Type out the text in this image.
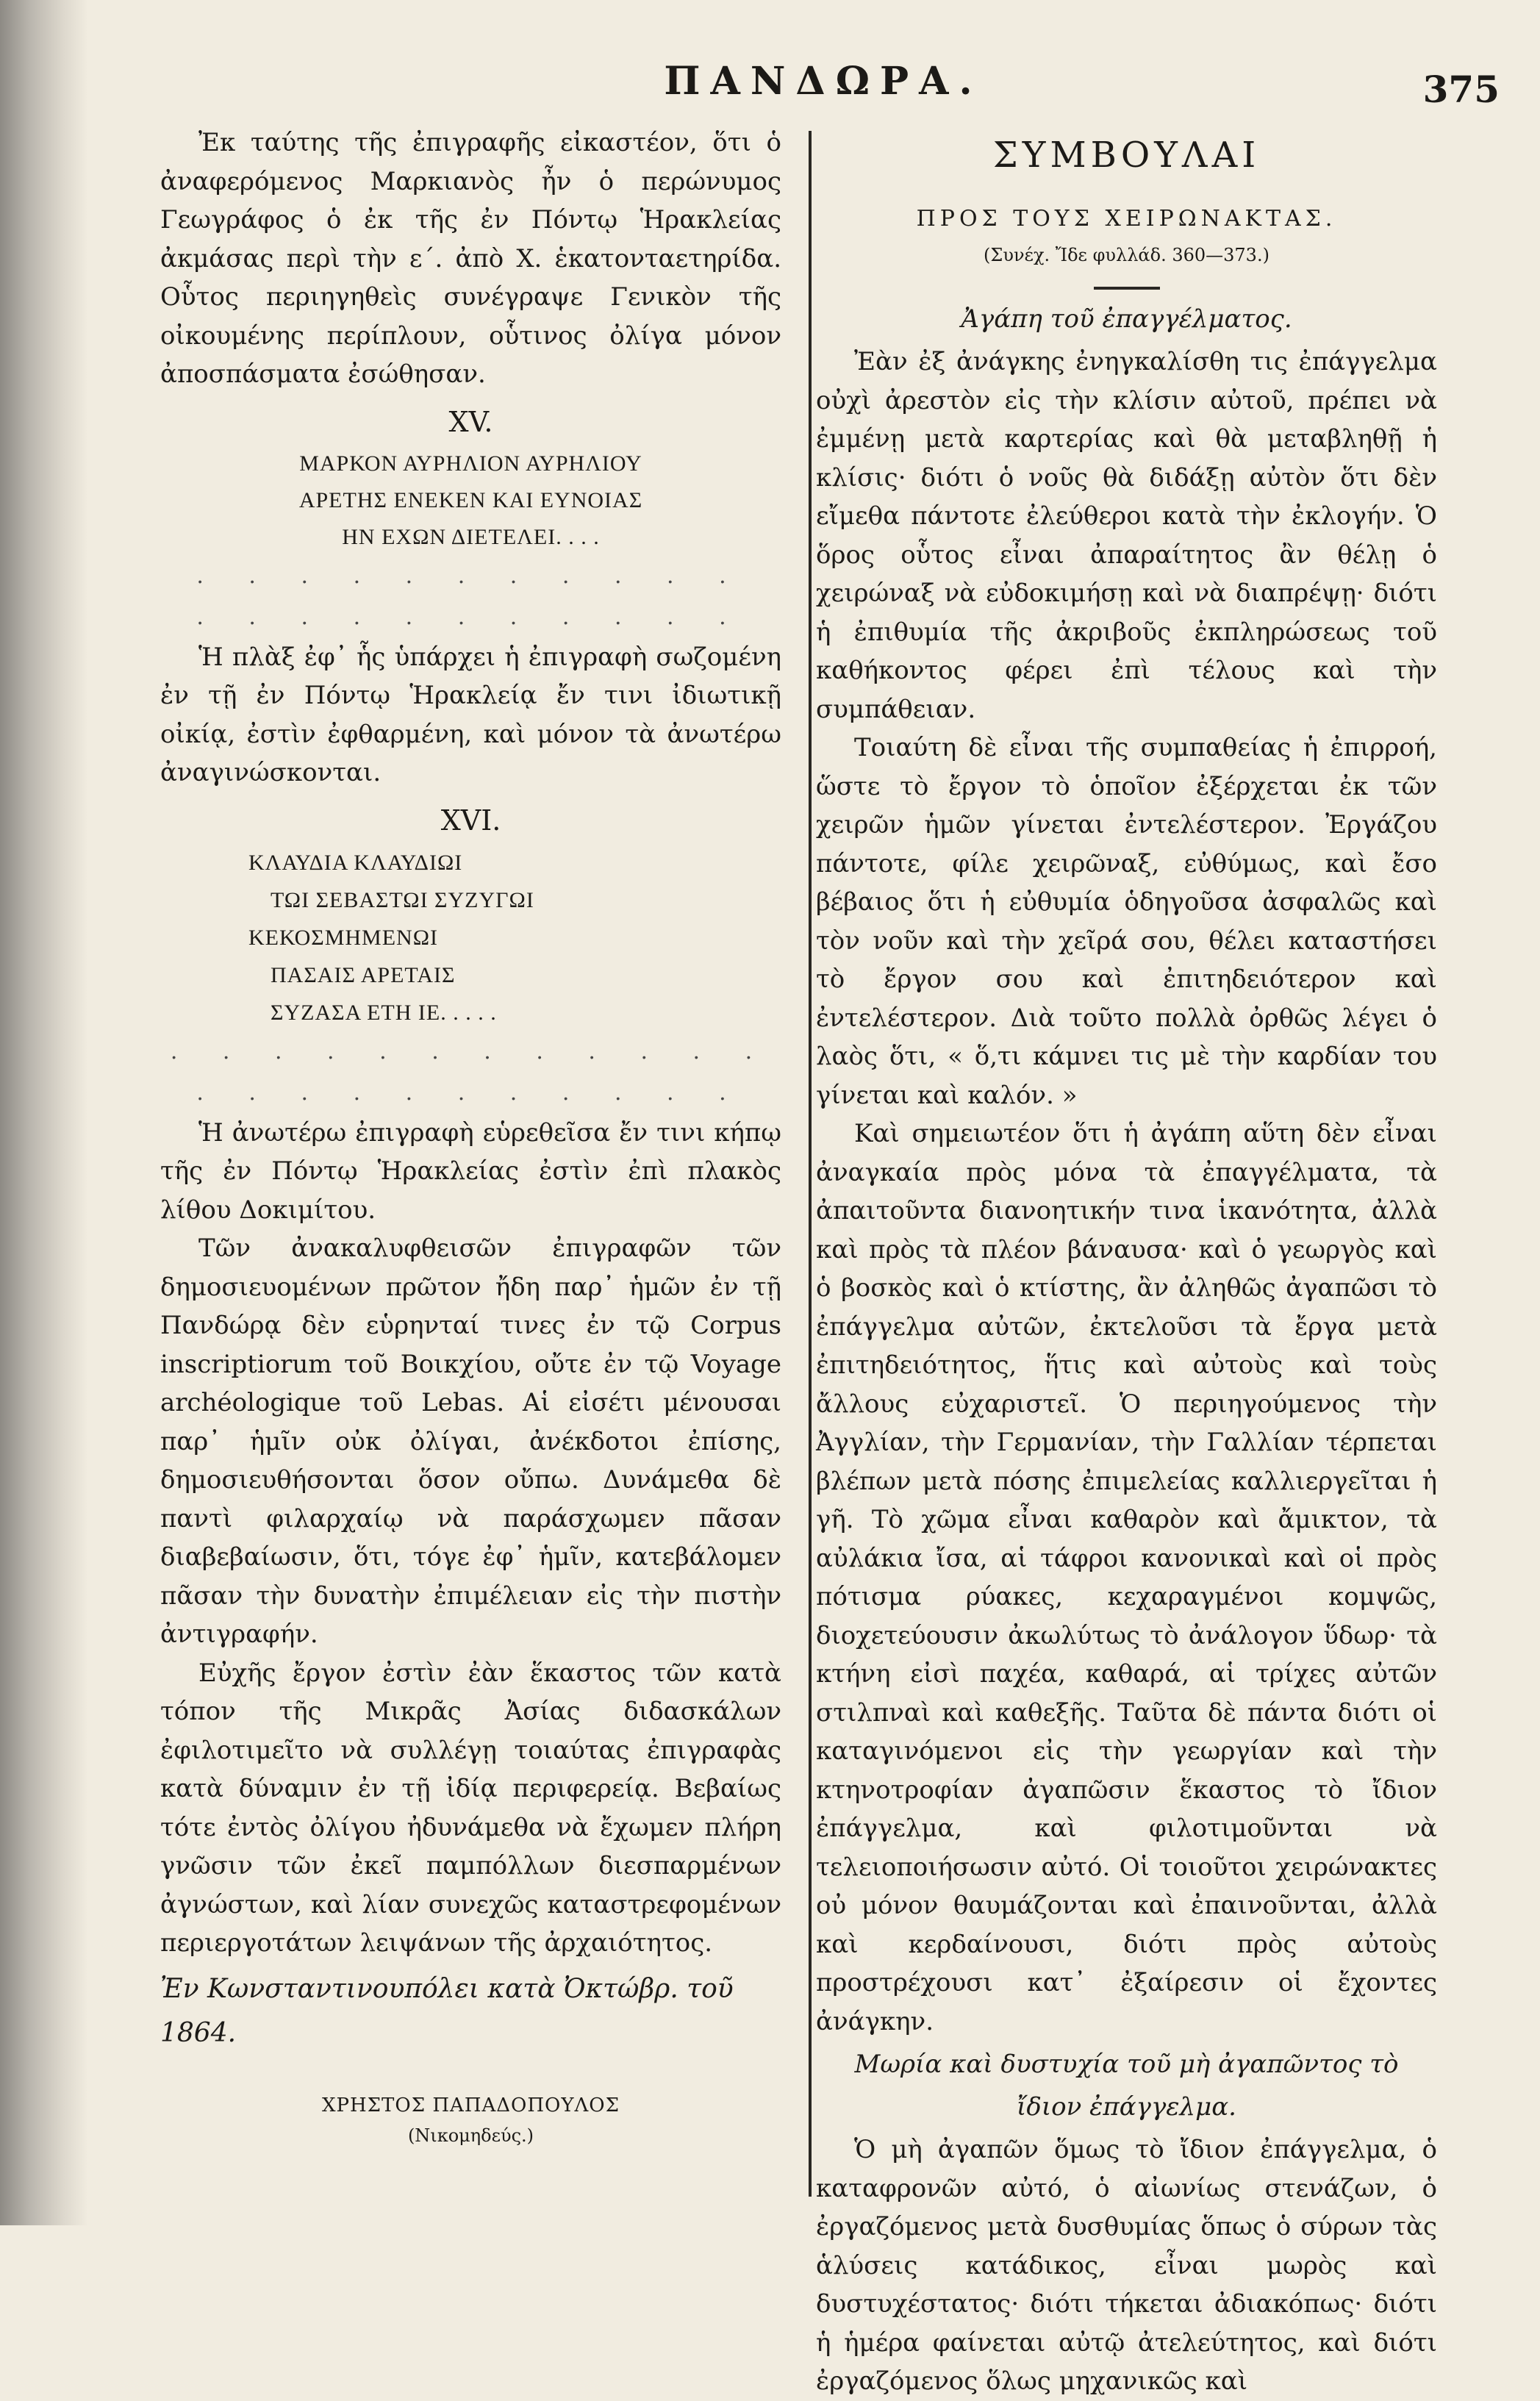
ΠΑΝΔΩΡΑ.	375

Ἐκ ταύτης τῆς ἐπιγραφῆς εἰκαστέον, ὅτι ὁ ἀναφερόμενος Μαρκιανὸς ἦν ὁ περώνυμος Γεωγράφος ὁ ἐκ τῆς ἐν Πόντῳ Ἡρακλείας ἀκμάσας περὶ τὴν ε΄. ἀπὸ Χ. ἑκατονταετηρίδα. Οὗτος περιηγηθεὶς συνέγραψε Γενικὸν τῆς οἰκουμένης περίπλουν, οὗτινος ὀλίγα μόνον ἀποσπάσματα ἐσώθησαν.

XV.
ΜΑΡΚΟΝ ΑΥΡΗΛΙΟΝ ΑΥΡΗΛΙΟΥ
ΑΡΕΤΗΣ ΕΝΕΚΕΝ ΚΑΙ ΕΥΝΟΙΑΣ
ΗΝ ΕΧΩΝ ΔΙΕΤΕΛΕΙ. . . .
. . . . . . . . . . .
. . . . . . . . . . .

Ἡ πλὰξ ἐφ᾽ ἧς ὑπάρχει ἡ ἐπιγραφὴ σωζομένη ἐν τῇ ἐν Πόντῳ Ἡρακλείᾳ ἔν τινι ἰδιωτικῇ οἰκίᾳ, ἐστὶν ἐφθαρμένη, καὶ μόνον τὰ ἀνωτέρω ἀναγινώσκονται.

XVI.
ΚΛΑΥΔΙΑ ΚΛΑΥΔΙΩΙ
ΤΩΙ ΣΕΒΑΣΤΩΙ ΣΥΖΥΓΩΙ
ΚΕΚΟΣΜΗΜΕΝΩΙ
ΠΑΣΑΙΣ ΑΡΕΤΑΙΣ
ΣΥΖΑΣΑ ΕΤΗ ΙΕ. . . . .
. . . . . . . . . . . .
. . . . . . . . . . .

Ἡ ἀνωτέρω ἐπιγραφὴ εὑρεθεῖσα ἔν τινι κήπῳ τῆς ἐν Πόντῳ Ἡρακλείας ἐστὶν ἐπὶ πλακὸς λίθου Δοκιμίτου.

Τῶν ἀνακαλυφθεισῶν ἐπιγραφῶν τῶν δημοσιευομένων πρῶτον ἤδη παρ᾽ ἡμῶν ἐν τῇ Πανδώρᾳ δὲν εὑρηνταί τινες ἐν τῷ Corpus inscriptiorum τοῦ Βοικχίου, οὔτε ἐν τῷ Voyage archéologique τοῦ Lebas. Αἱ εἰσέτι μένουσαι παρ᾽ ἡμῖν οὐκ ὀλίγαι, ἀνέκδοτοι ἐπίσης, δημοσιευθήσονται ὅσον οὔπω. Δυνάμεθα δὲ παντὶ φιλαρχαίῳ νὰ παράσχωμεν πᾶσαν διαβεβαίωσιν, ὅτι, τόγε ἐφ᾽ ἡμῖν, κατεβάλομεν πᾶσαν τὴν δυνατὴν ἐπιμέλειαν εἰς τὴν πιστὴν ἀντιγραφήν.

Εὐχῆς ἔργον ἐστὶν ἐὰν ἕκαστος τῶν κατὰ τόπον τῆς Μικρᾶς Ἀσίας διδασκάλων ἐφιλοτιμεῖτο νὰ συλλέγῃ τοιαύτας ἐπιγραφὰς κατὰ δύναμιν ἐν τῇ ἰδίᾳ περιφερείᾳ. Βεβαίως τότε ἐντὸς ὀλίγου ἠδυνάμεθα νὰ ἔχωμεν πλήρη γνῶσιν τῶν ἐκεῖ παμπόλλων διεσπαρμένων ἀγνώστων, καὶ λίαν συνεχῶς καταστρεφομένων περιεργοτάτων λειψάνων τῆς ἀρχαιότητος.

Ἐν Κωνσταντινουπόλει κατὰ Ὀκτώβρ. τοῦ 1864.
ΧΡΗΣΤΟΣ ΠΑΠΑΔΟΠΟΥΛΟΣ
(Νικομηδεύς.)
ΣΥΜΒΟΥΛΑΙ
ΠΡΟΣ ΤΟΥΣ ΧΕΙΡΩΝΑΚΤΑΣ.
(Συνέχ. Ἴδε φυλλάδ. 360—373.)
Ἀγάπη τοῦ ἐπαγγέλματος.

Ἐὰν ἐξ ἀνάγκης ἐνηγκαλίσθη τις ἐπάγγελμα οὐχὶ ἀρεστὸν εἰς τὴν κλίσιν αὐτοῦ, πρέπει νὰ ἐμμένῃ μετὰ καρτερίας καὶ θὰ μεταβληθῇ ἡ κλίσις· διότι ὁ νοῦς θὰ διδάξῃ αὐτὸν ὅτι δὲν εἴμεθα πάντοτε ἐλεύθεροι κατὰ τὴν ἐκλογήν. Ὁ ὅρος οὗτος εἶναι ἀπαραίτητος ἂν θέλῃ ὁ χειρώναξ νὰ εὐδοκιμήσῃ καὶ νὰ διαπρέψῃ· διότι ἡ ἐπιθυμία τῆς ἀκριβοῦς ἐκπληρώσεως τοῦ καθήκοντος φέρει ἐπὶ τέλους καὶ τὴν συμπάθειαν.

Τοιαύτη δὲ εἶναι τῆς συμπαθείας ἡ ἐπιρροή, ὥστε τὸ ἔργον τὸ ὁποῖον ἐξέρχεται ἐκ τῶν χειρῶν ἡμῶν γίνεται ἐντελέστερον. Ἐργάζου πάντοτε, φίλε χειρῶναξ, εὐθύμως, καὶ ἔσο βέβαιος ὅτι ἡ εὐθυμία ὁδηγοῦσα ἀσφαλῶς καὶ τὸν νοῦν καὶ τὴν χεῖρά σου, θέλει καταστήσει τὸ ἔργον σου καὶ ἐπιτηδειότερον καὶ ἐντελέστερον. Διὰ τοῦτο πολλὰ ὀρθῶς λέγει ὁ λαὸς ὅτι, « ὅ,τι κάμνει τις μὲ τὴν καρδίαν του γίνεται καὶ καλόν. »

Καὶ σημειωτέον ὅτι ἡ ἀγάπη αὕτη δὲν εἶναι ἀναγκαία πρὸς μόνα τὰ ἐπαγγέλματα, τὰ ἀπαιτοῦντα διανοητικήν τινα ἱκανότητα, ἀλλὰ καὶ πρὸς τὰ πλέον βάναυσα· καὶ ὁ γεωργὸς καὶ ὁ βοσκὸς καὶ ὁ κτίστης, ἂν ἀληθῶς ἀγαπῶσι τὸ ἐπάγγελμα αὐτῶν, ἐκτελοῦσι τὰ ἔργα μετὰ ἐπιτηδειότητος, ἥτις καὶ αὐτοὺς καὶ τοὺς ἄλλους εὐχαριστεῖ. Ὁ περιηγούμενος τὴν Ἀγγλίαν, τὴν Γερμανίαν, τὴν Γαλλίαν τέρπεται βλέπων μετὰ πόσης ἐπιμελείας καλλιεργεῖται ἡ γῆ. Τὸ χῶμα εἶναι καθαρὸν καὶ ἄμικτον, τὰ αὐλάκια ἴσα, αἱ τάφροι κανονικαὶ καὶ οἱ πρὸς πότισμα ρύακες, κεχαραγμένοι κομψῶς, διοχετεύουσιν ἀκωλύτως τὸ ἀνάλογον ὕδωρ· τὰ κτήνη εἰσὶ παχέα, καθαρά, αἱ τρίχες αὐτῶν στιλπναὶ καὶ καθεξῆς. Ταῦτα δὲ πάντα διότι οἱ καταγινόμενοι εἰς τὴν γεωργίαν καὶ τὴν κτηνοτροφίαν ἀγαπῶσιν ἕκαστος τὸ ἴδιον ἐπάγγελμα, καὶ φιλοτιμοῦνται νὰ τελειοποιήσωσιν αὐτό. Οἱ τοιοῦτοι χειρώνακτες οὐ μόνον θαυμάζονται καὶ ἐπαινοῦνται, ἀλλὰ καὶ κερδαίνουσι, διότι πρὸς αὐτοὺς προστρέχουσι κατ᾽ ἐξαίρεσιν οἱ ἔχοντες ἀνάγκην.

Μωρία καὶ δυστυχία τοῦ μὴ ἀγαπῶντος τὸ
ἴδιον ἐπάγγελμα.

Ὁ μὴ ἀγαπῶν ὅμως τὸ ἴδιον ἐπάγγελμα, ὁ καταφρονῶν αὐτό, ὁ αἰωνίως στενάζων, ὁ ἐργαζόμενος μετὰ δυσθυμίας ὅπως ὁ σύρων τὰς ἁλύσεις κατάδικος, εἶναι μωρὸς καὶ δυστυχέστατος· διότι τήκεται ἀδιακόπως· διότι ἡ ἡμέρα φαίνεται αὐτῷ ἀτελεύτητος, καὶ διότι ἐργαζόμενος ὅλως μηχανικῶς καὶ
